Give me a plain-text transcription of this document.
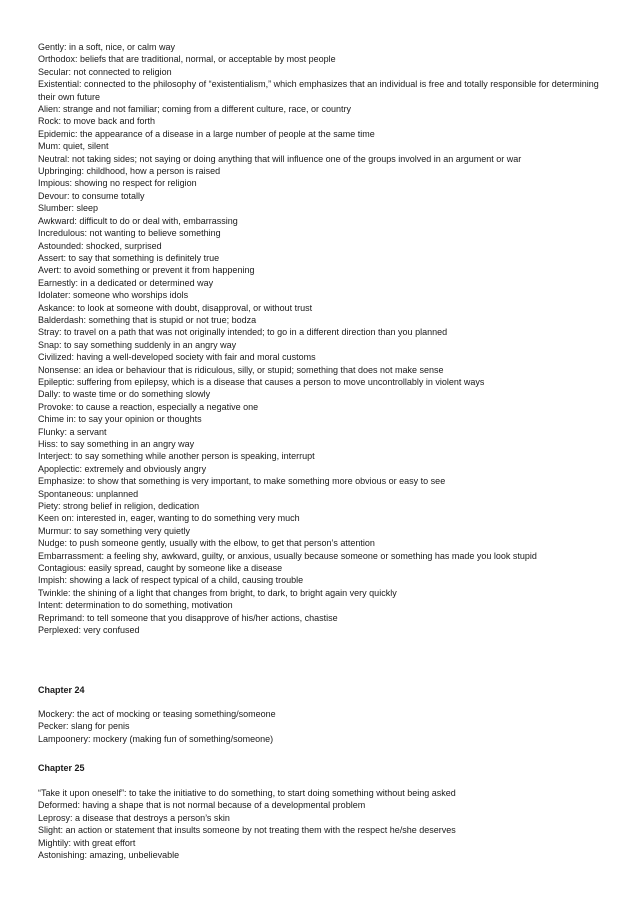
Gently: in a soft, nice, or calm way

Orthodox: beliefs that are traditional, normal, or acceptable by most people

Secular: not connected to religion

Existential: connected to the philosophy of “existentialism,” which emphasizes that an individual is free and totally responsible for determining their own future

Alien: strange and not familiar; coming from a different culture, race, or country

Rock: to move back and forth

Epidemic: the appearance of a disease in a large number of people at the same time

Mum: quiet, silent

Neutral: not taking sides; not saying or doing anything that will influence one of the groups involved in an argument or war

Upbringing: childhood, how a person is raised

Impious: showing no respect for religion

Devour: to consume totally

Slumber: sleep

Awkward: difficult to do or deal with, embarrassing

Incredulous: not wanting to believe something

Astounded: shocked, surprised

Assert: to say that something is definitely true

Avert: to avoid something or prevent it from happening

Earnestly: in a dedicated or determined way

Idolater: someone who worships idols

Askance: to look at someone with doubt, disapproval, or without trust

Balderdash: something that is stupid or not true; bodza

Stray: to travel on a path that was not originally intended; to go in a different direction than you planned

Snap: to say something suddenly in an angry way

Civilized: having a well-developed society with fair and moral customs

Nonsense: an idea or behaviour that is ridiculous, silly, or stupid; something that does not make sense

Epileptic: suffering from epilepsy, which is a disease that causes a person to move uncontrollably in violent ways

Dally: to waste time or do something slowly

Provoke: to cause a reaction, especially a negative one

Chime in: to say your opinion or thoughts

Flunky: a servant

Hiss: to say something in an angry way

Interject: to say something while another person is speaking, interrupt

Apoplectic: extremely and obviously angry

Emphasize: to show that something is very important, to make something more obvious or easy to see

Spontaneous: unplanned

Piety: strong belief in religion, dedication

Keen on: interested in, eager, wanting to do something very much

Murmur: to say something very quietly

Nudge: to push someone gently, usually with the elbow, to get that person’s attention

Embarrassment: a feeling shy, awkward, guilty, or anxious, usually because someone or something has made you look stupid

Contagious: easily spread, caught by someone like a disease

Impish: showing a lack of respect typical of a child, causing trouble

Twinkle: the shining of a light that changes from bright, to dark, to bright again very quickly

Intent: determination to do something, motivation

Reprimand: to tell someone that you disapprove of his/her actions, chastise

Perplexed: very confused

Chapter 24

Mockery: the act of mocking or teasing something/someone

Pecker: slang for penis

Lampoonery: mockery (making fun of something/someone)

Chapter 25

“Take it upon oneself”: to take the initiative to do something, to start doing something without being asked

Deformed: having a shape that is not normal because of a developmental problem

Leprosy: a disease that destroys a person’s skin

Slight: an action or statement that insults someone by not treating them with the respect he/she deserves

Mightily: with great effort

Astonishing: amazing, unbelievable
